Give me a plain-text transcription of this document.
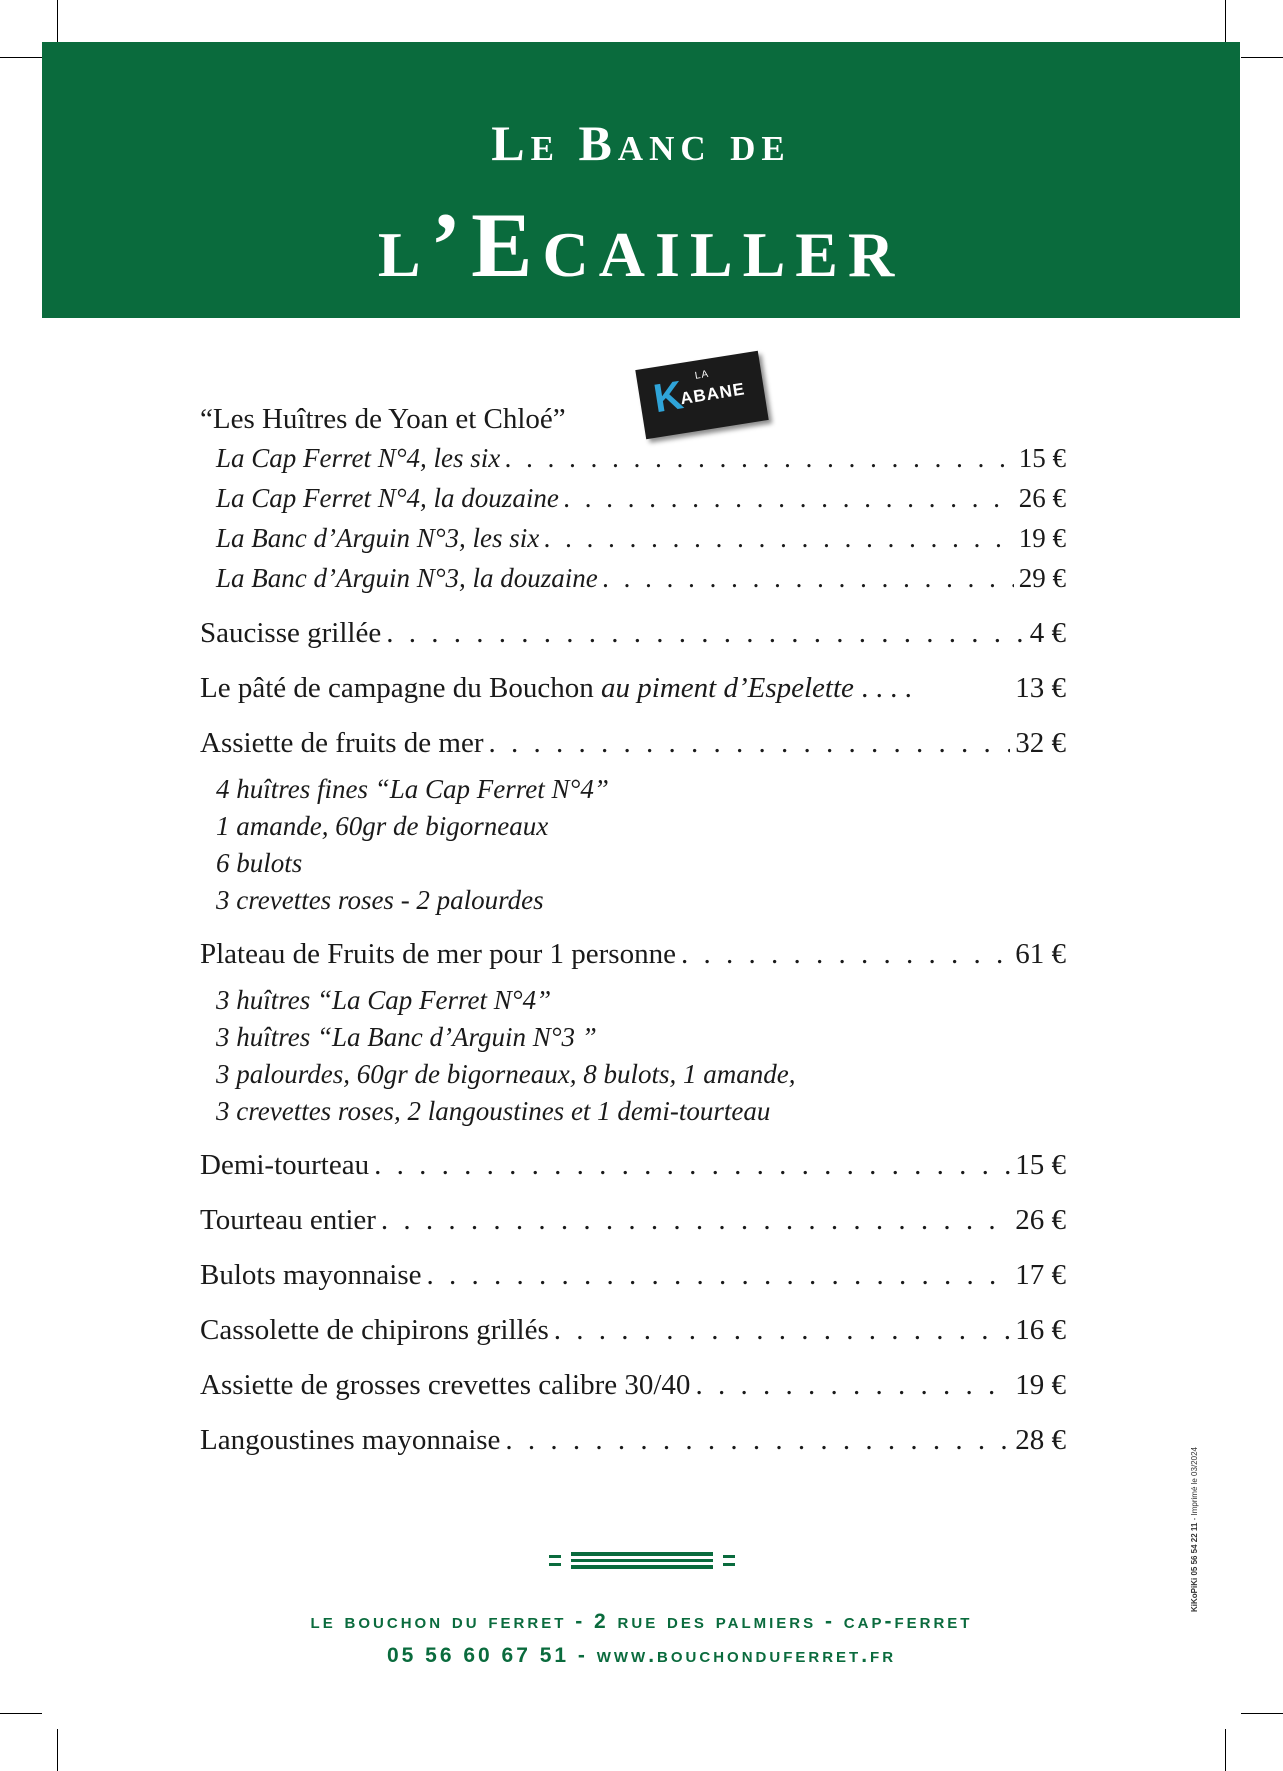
Le Banc de
l’Ecailler
K LA
ABANE
“Les Huîtres de Yoan et Chloé”
La Cap Ferret N°4, les six . . .	15 €
La Cap Ferret N°4, la douzaine . . .	26 €
La Banc d’Arguin N°3, les six . . .	19 €
La Banc d’Arguin N°3, la douzaine . . .	29 €
Saucisse grillée . . .	4 €
Le pâté de campagne du Bouchon
au piment d’Espelette
. . . .	13 €
Assiette de fruits de mer . . .	32 €
4 huîtres fines “La Cap Ferret N°4”
1 amande, 60gr de bigorneaux
6 bulots
3 crevettes roses - 2 palourdes
Plateau de Fruits de mer pour 1 personne . . .	61 €
3 huîtres “La Cap Ferret N°4”
3 huîtres “La Banc d’Arguin N°3 ”
3 palourdes, 60gr de bigorneaux, 8 bulots, 1 amande,
3 crevettes roses, 2 langoustines et 1 demi-tourteau
Demi-tourteau . . .	15 €
Tourteau entier . . .	26 €
Bulots mayonnaise . . .	17 €
Cassolette de chipirons grillés . . .	16 €
Assiette de grosses crevettes calibre 30/40 . . .	19 €
Langoustines mayonnaise . . .	28 €
le bouchon du ferret - 2 rue des palmiers - cap-ferret
05 56 60 67 51 - www.bouchonduferret.fr
KiKoPiKi 05 56 54 22 11 - Imprimé le 03/2024
